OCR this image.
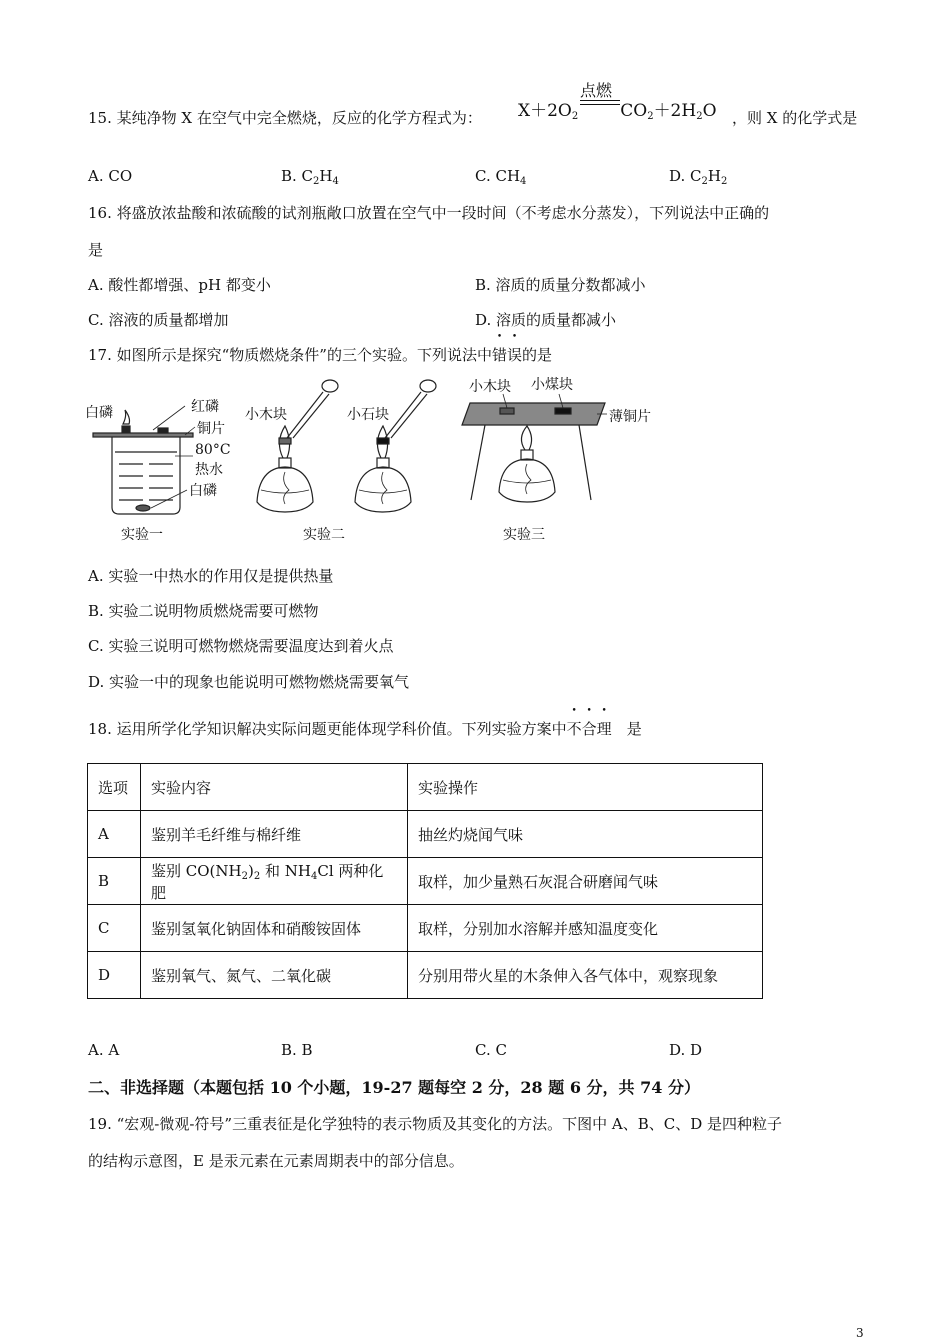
15. 某纯净物 X 在空气中完全燃烧，反应的化学方程式为：
点燃
$X+2O_2$ $CO_2+2H_2O$ ，则 X 的化学式是
A. CO	B. $C_2H_4$	C. $CH_4$	D. $C_2H_2$
16. 将盛放浓盐酸和浓硫酸的试剂瓶敞口放置在空气中一段时间（不考虑水分蒸发），下列说法中正确的
是
A. 酸性都增强、pH 都变小	B. 溶质的质量分数都减小
C. 溶液的质量都增加	D. 溶质的质量都减小
17. 如图所示是探究“物质燃烧条件”的三个实验。下列说法中错误的是
白磷	红磷
铜片
80°C
热水
白磷
实验一
小木块	小石块
实验二
小木块 小煤块
薄铜片
实验三
A. 实验一中热水的作用仅是提供热量
B. 实验二说明物质燃烧需要可燃物
C. 实验三说明可燃物燃烧需要温度达到着火点
D. 实验一中的现象也能说明可燃物燃烧需要氧气
18. 运用所学化学知识解决实际问题更能体现学科价值。下列实验方案中不合理　是
选项	实验内容	实验操作
A	鉴别羊毛纤维与棉纤维	抽丝灼烧闻气味
B	鉴别 $CO(NH_2)_2$ 和 $NH_4Cl$ 两种化肥	取样，加少量熟石灰混合研磨闻气味
C	鉴别氢氧化钠固体和硝酸铵固体	取样，分别加水溶解并感知温度变化
D	鉴别氧气、氮气、二氧化碳	分别用带火星的木条伸入各气体中，观察现象
A. A	B. B	C. C	D. D
二、非选择题（本题包括 10 个小题，19-27 题每空 2 分，28 题 6 分，共 74 分）
19. “宏观-微观-符号”三重表征是化学独特的表示物质及其变化的方法。下图中 A、B、C、D 是四种粒子
的结构示意图，E 是汞元素在元素周期表中的部分信息。
3
